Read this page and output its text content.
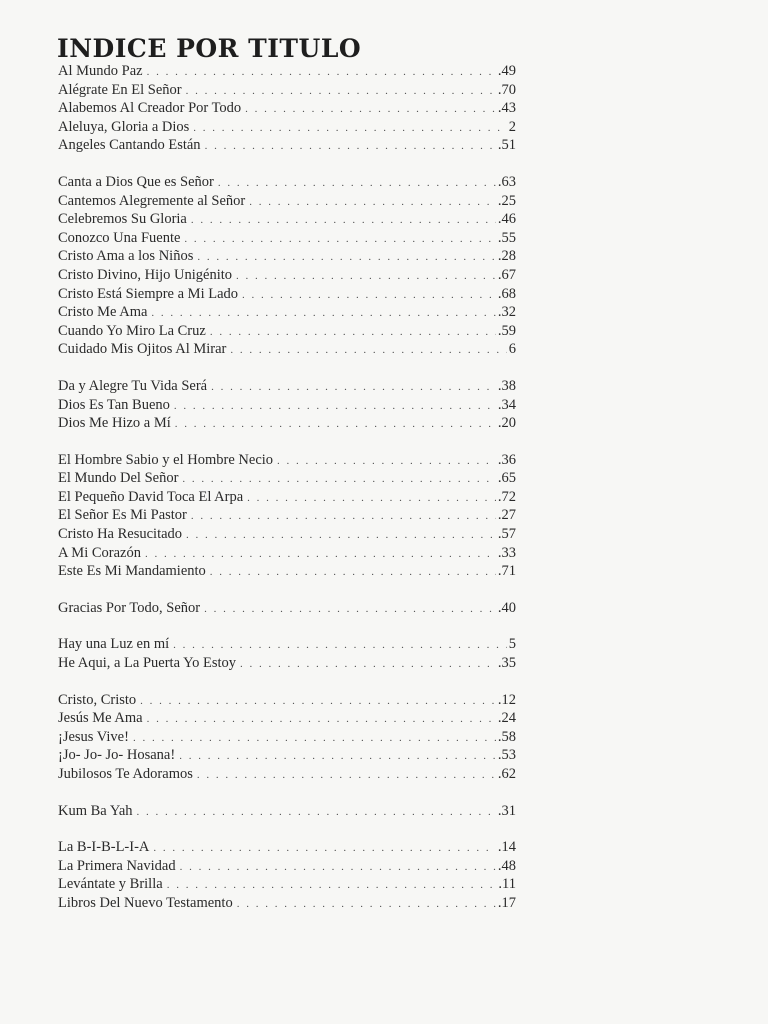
INDICE POR TITULO
Al Mundo Paz . . .	.49
Alégrate En El Señor . . .	.70
Alabemos Al Creador Por Todo . . .	.43
Aleluya, Gloria a Dios . . .	2
Angeles Cantando Están . . .	.51
Canta a Dios Que es Señor . . .	.63
Cantemos Alegremente al Señor . . .	.25
Celebremos Su Gloria . . .	.46
Conozco Una Fuente . . .	.55
Cristo Ama a los Niños . . .	.28
Cristo Divino, Hijo Unigénito . . .	.67
Cristo Está Siempre a Mi Lado . . .	.68
Cristo Me Ama . . .	.32
Cuando Yo Miro La Cruz . . .	.59
Cuidado Mis Ojitos Al Mirar . . .	6
Da y Alegre Tu Vida Será . . .	.38
Dios Es Tan Bueno . . .	.34
Dios Me Hizo a Mí . . .	.20
El Hombre Sabio y el Hombre Necio . . .	.36
El Mundo Del Señor . . .	.65
El Pequeño David Toca El Arpa . . .	.72
El Señor Es Mi Pastor . . .	.27
Cristo Ha Resucitado . . .	.57
A Mi Corazón . . .	.33
Este Es Mi Mandamiento . . .	.71
Gracias Por Todo, Señor . . .	.40
Hay una Luz en mí . . .	5
He Aqui, a La Puerta Yo Estoy . . .	.35
Cristo, Cristo . . .	.12
Jesús Me Ama . . .	.24
¡Jesus Vive! . . .	.58
¡Jo- Jo- Jo- Hosana! . . .	.53
Jubilosos Te Adoramos . . .	.62
Kum Ba Yah . . .	.31
La B-I-B-L-I-A . . .	.14
La Primera Navidad . . .	.48
Levántate y Brilla . . .	.11
Libros Del Nuevo Testamento . . .	.17
